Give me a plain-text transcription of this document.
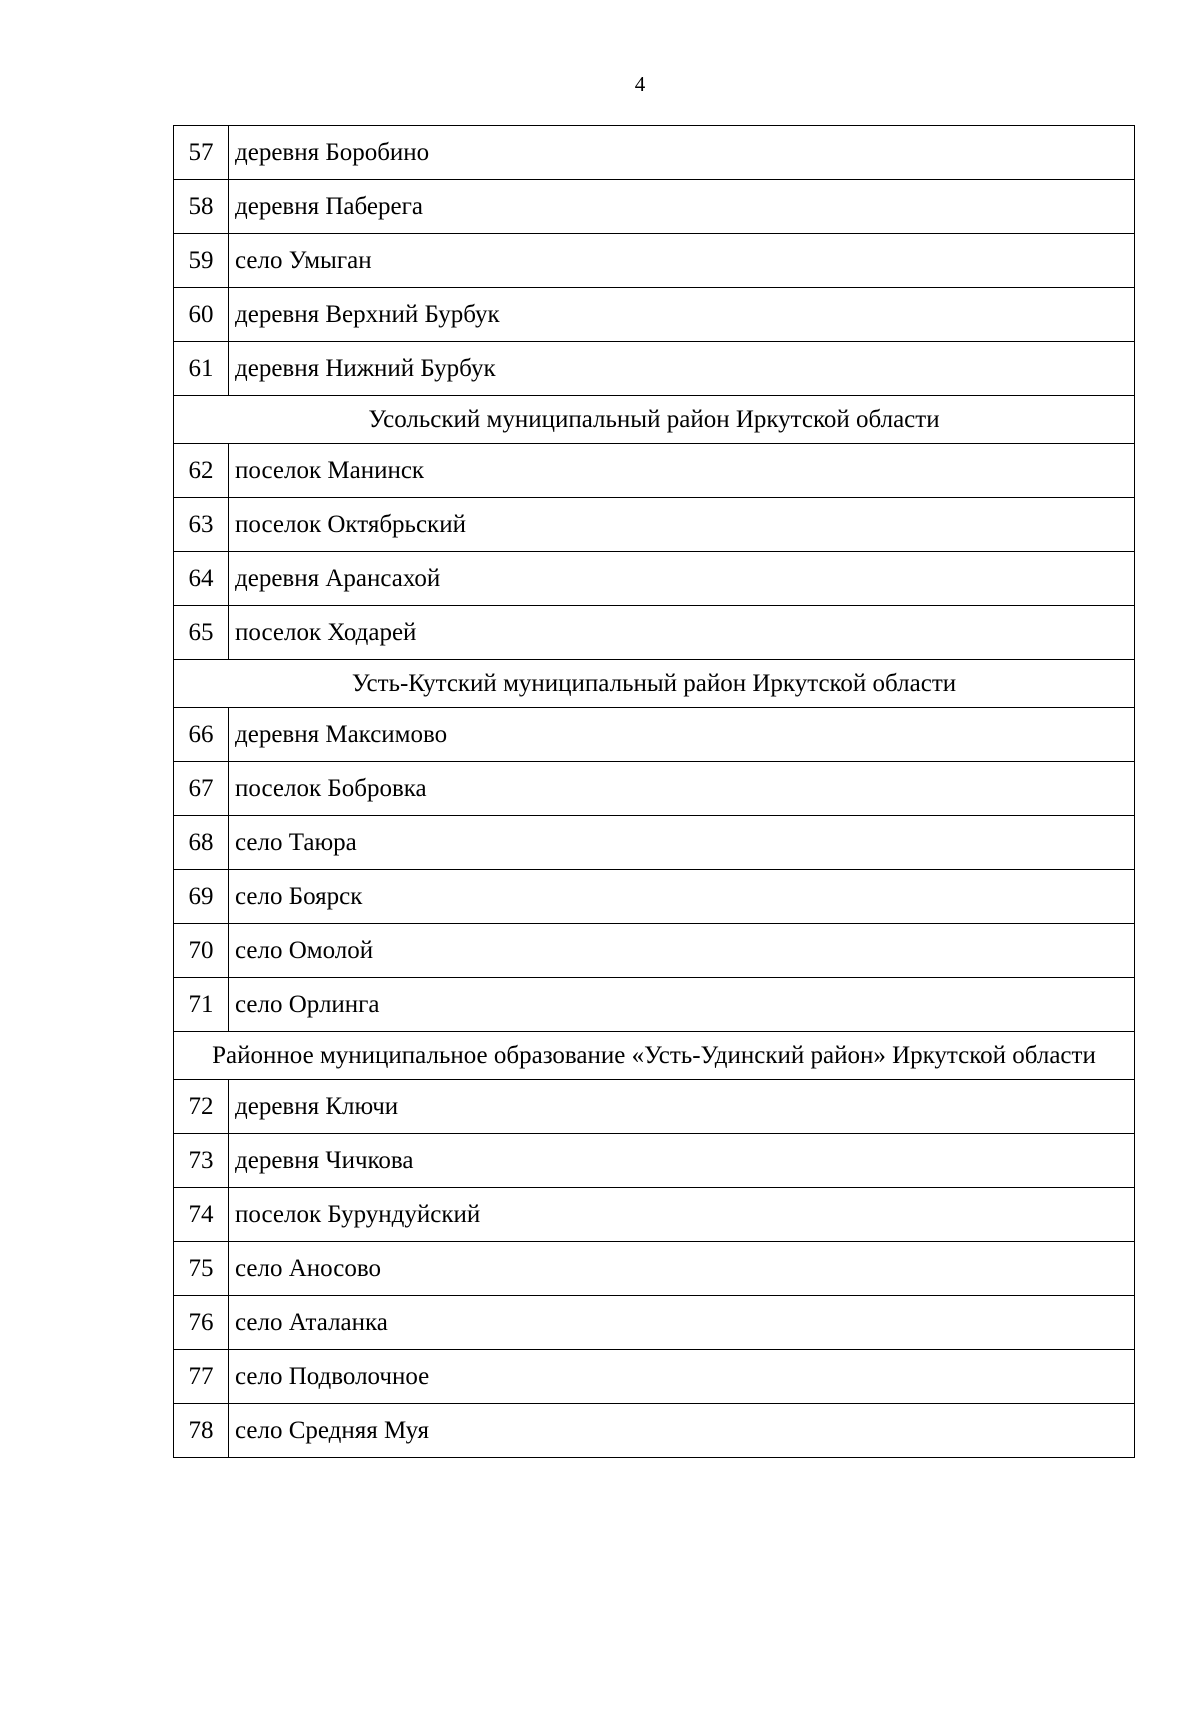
4
57	деревня Боробино
58	деревня Паберега
59	село Умыган
60	деревня Верхний Бурбук
61	деревня Нижний Бурбук
Усольский муниципальный район Иркутской области	
62	поселок Манинск
63	поселок Октябрьский
64	деревня Арансахой
65	поселок Ходарей
Усть-Кутский муниципальный район Иркутской области	
66	деревня Максимово
67	поселок Бобровка
68	село Таюра
69	село Боярск
70	село Омолой
71	село Орлинга
Районное муниципальное образование «Усть-Удинский район» Иркутской области	
72	деревня Ключи
73	деревня Чичкова
74	поселок Бурундуйский
75	село Аносово
76	село Аталанка
77	село Подволочное
78	село Средняя Муя
